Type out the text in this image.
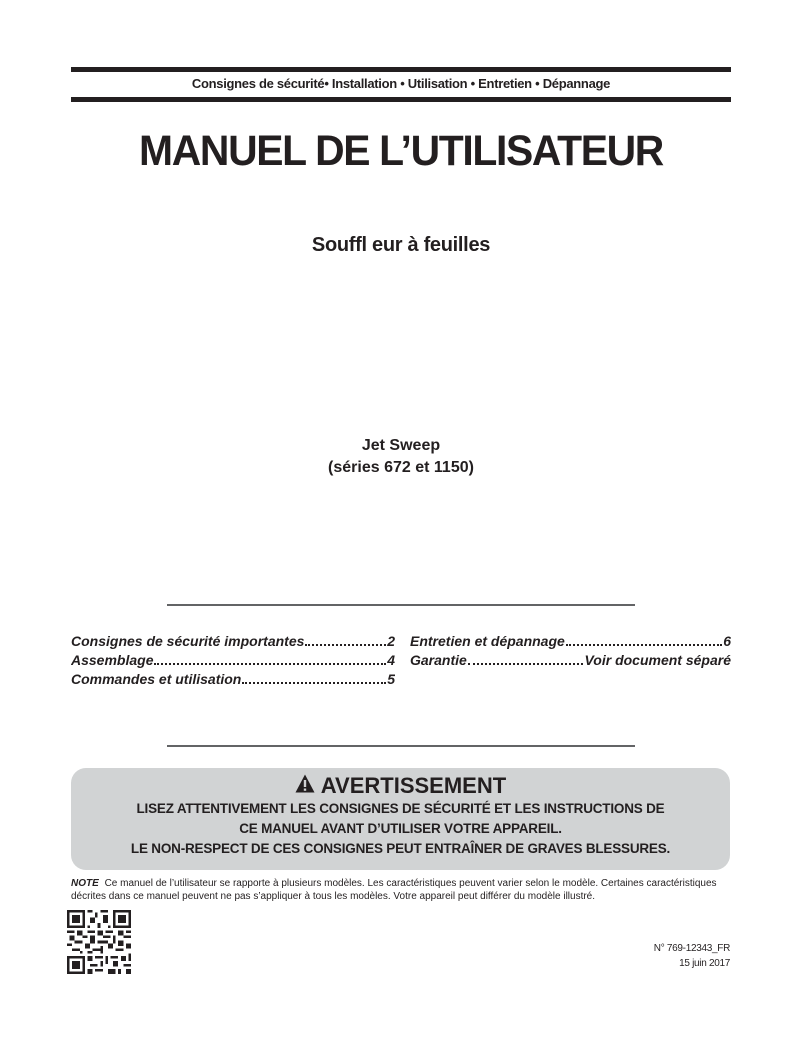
Consignes de sécurité• Installation • Utilisation • Entretien • Dépannage
MANUEL DE L’UTILISATEUR
Souffl eur à feuilles
Jet Sweep
(séries 672 et 1150)
Consignes de sécurité importantes	2
Assemblage	4
Commandes et utilisation	5
Entretien et dépannage	6
Garantie	Voir document séparé
AVERTISSEMENT
LISEZ ATTENTIVEMENT LES CONSIGNES DE SÉCURITÉ ET LES INSTRUCTIONS DE
CE MANUEL AVANT D’UTILISER VOTRE APPAREIL.
LE NON-RESPECT DE CES CONSIGNES PEUT ENTRAÎNER DE GRAVES BLESSURES.
NOTE Ce manuel de l’utilisateur se rapporte à plusieurs modèles. Les caractéristiques peuvent varier selon le modèle. Certaines caractéristiques décrites dans ce manuel peuvent ne pas s’appliquer à tous les modèles. Votre appareil peut différer du modèle illustré.
N° 769-12343_FR
15 juin 2017
